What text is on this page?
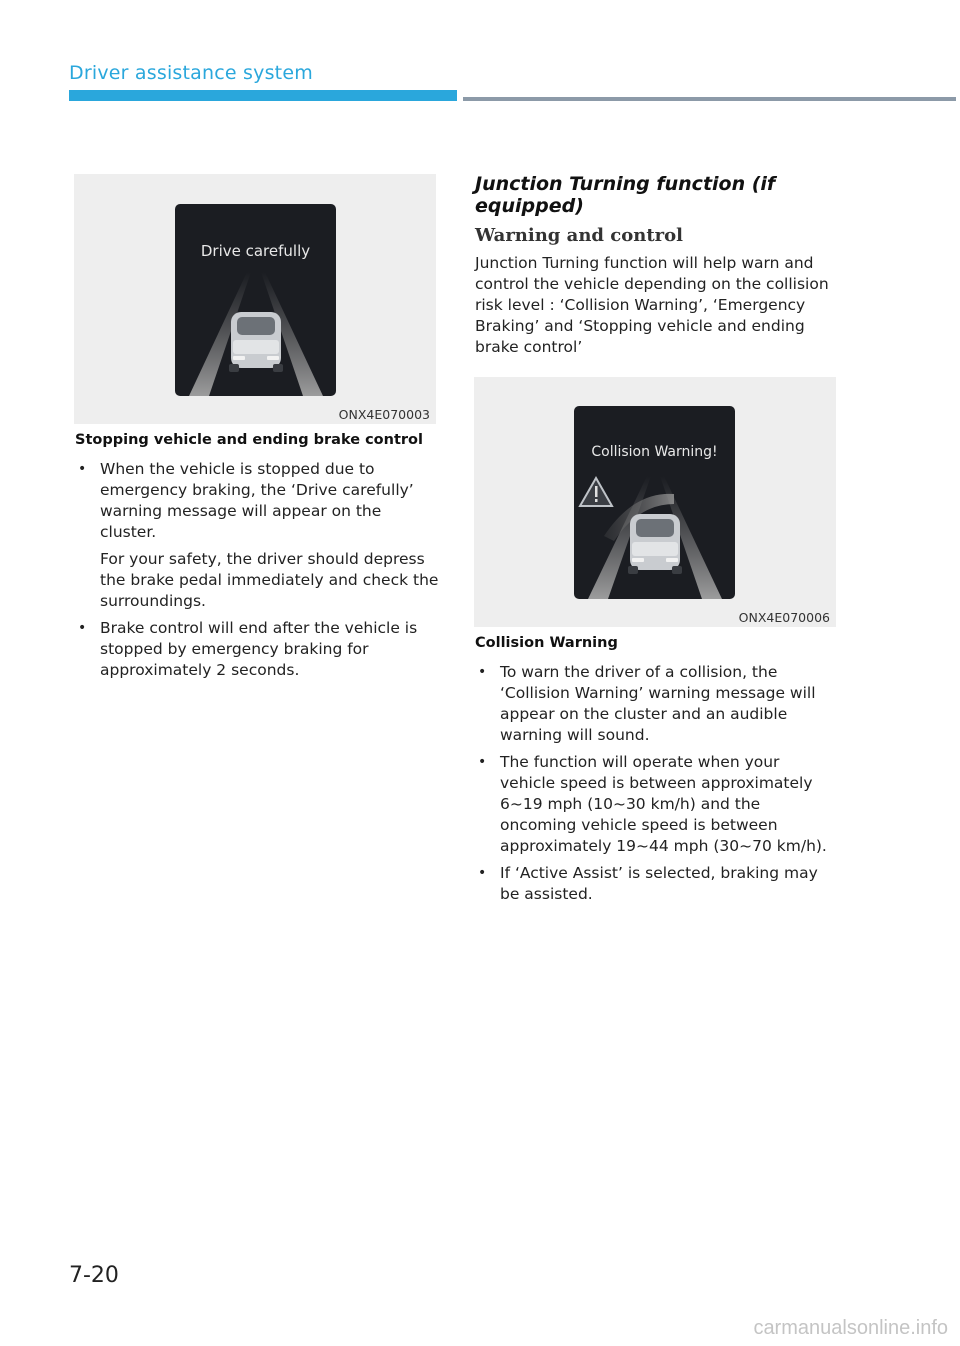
Driver assistance system
Drive carefully
ONX4E070003
Stopping vehicle and ending brake control
• When the vehicle is stopped due to emergency braking, the ‘Drive carefully’ warning message will appear on the cluster.
For your safety, the driver should depress the brake pedal immediately and check the surroundings.
• Brake control will end after the vehicle is stopped by emergency braking for approximately 2 seconds.
Junction Turning function (if equipped)
Warning and control
Junction Turning function will help warn and control the vehicle depending on the collision risk level : ‘Collision Warning’, ‘Emergency Braking’ and ‘Stopping vehicle and ending brake control’
Collision Warning!
ONX4E070006
Collision Warning
• To warn the driver of a collision, the ‘Collision Warning’ warning message will appear on the cluster and an audible warning will sound.
• The function will operate when your vehicle speed is between approximately 6~19 mph (10~30 km/h) and the oncoming vehicle speed is between approximately 19~44 mph (30~70 km/h).
• If ‘Active Assist’ is selected, braking may be assisted.
7-20
carmanualsonline.info
